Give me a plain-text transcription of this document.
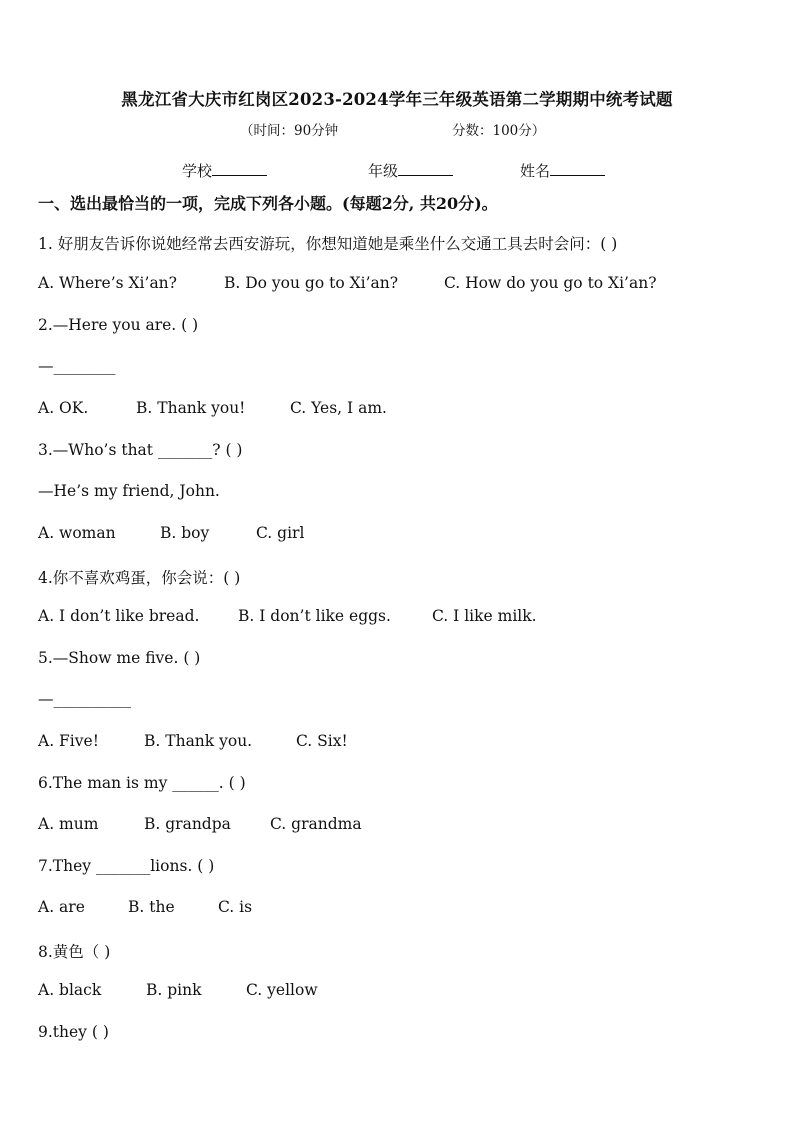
黑龙江省大庆市红岗区2023-2024学年三年级英语第二学期期中统考试题
（时间：90分钟	分数：100分）
学校	年级	姓名
一、选出最恰当的一项，完成下列各小题。(每题2分, 共20分)。
1. 好朋友告诉你说她经常去西安游玩，你想知道她是乘坐什么交通工具去时会问：( )
A. Where’s Xi’an?	B. Do you go to Xi’an?	C. How do you go to Xi’an?
2.—Here you are. ( )
—________
A. OK.	B. Thank you!	C. Yes, I am.
3.—Who’s that _______? ( )
—He’s my friend, John.
A. woman	B. boy	C. girl
4.你不喜欢鸡蛋，你会说：( )
A. I don’t like bread. B. I don’t like eggs.	C. I like milk.
5.—Show me five. ( )
—__________
A. Five!	B. Thank you.	C. Six!
6.The man is my ______. ( )
A. mum	B. grandpa	C. grandma
7.They _______lions. ( )
A. are	B. the	C. is
8.黄色（ )
A. black	B. pink	C. yellow
9.they ( )
